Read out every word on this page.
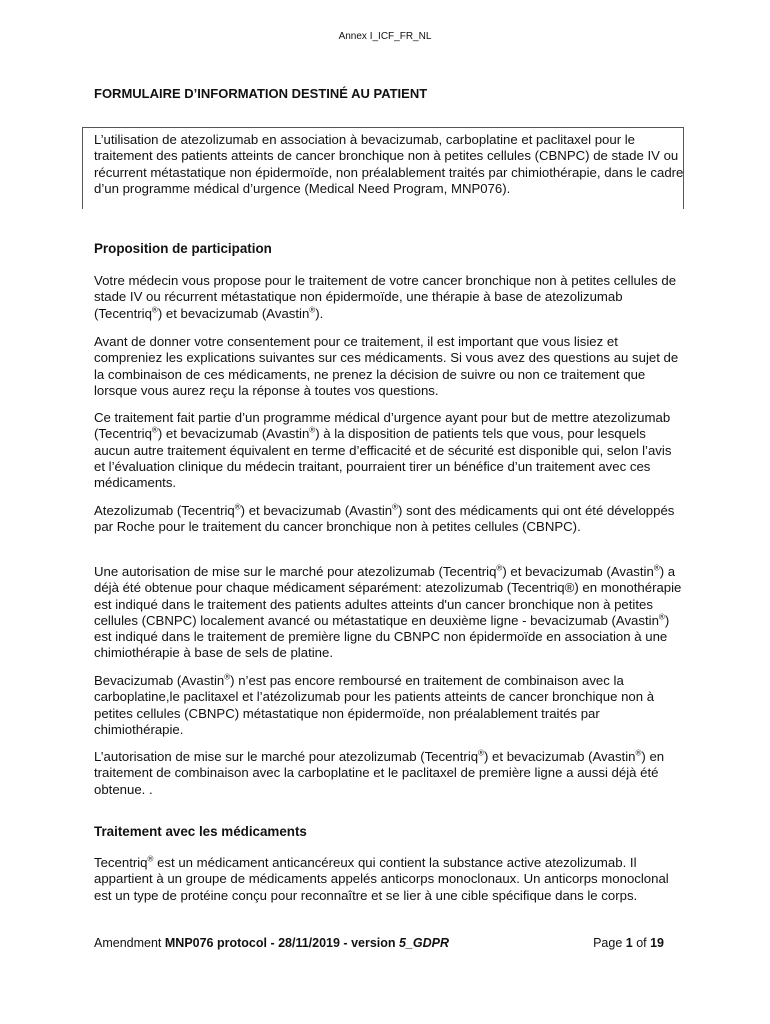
Annex I_ICF_FR_NL
FORMULAIRE D’INFORMATION DESTINÉ AU PATIENT

L’utilisation de atezolizumab en association à bevacizumab, carboplatine et paclitaxel pour le traitement des patients atteints de cancer bronchique non à petites cellules (CBNPC) de stade IV ou récurrent métastatique non épidermoïde, non préalablement traités par chimiothérapie, dans le cadre d’un programme médical d’urgence (Medical Need Program, MNP076).

Proposition de participation

Votre médecin vous propose pour le traitement de votre cancer bronchique non à petites cellules de stade IV ou récurrent métastatique non épidermoïde, une thérapie à base de atezolizumab (Tecentriq®) et bevacizumab (Avastin®).

Avant de donner votre consentement pour ce traitement, il est important que vous lisiez et compreniez les explications suivantes sur ces médicaments. Si vous avez des questions au sujet de la combinaison de ces médicaments, ne prenez la décision de suivre ou non ce traitement que lorsque vous aurez reçu la réponse à toutes vos questions.

Ce traitement fait partie d’un programme médical d’urgence ayant pour but de mettre atezolizumab (Tecentriq®) et bevacizumab (Avastin®) à la disposition de patients tels que vous, pour lesquels aucun autre traitement équivalent en terme d’efficacité et de sécurité est disponible qui, selon l’avis et l’évaluation clinique du médecin traitant, pourraient tirer un bénéfice d’un traitement avec ces médicaments.

Atezolizumab (Tecentriq®) et bevacizumab (Avastin®) sont des médicaments qui ont été développés par Roche pour le traitement du cancer bronchique non à petites cellules (CBNPC).

Une autorisation de mise sur le marché pour atezolizumab (Tecentriq®) et bevacizumab (Avastin®) a déjà été obtenue pour chaque médicament séparément: atezolizumab (Tecentriq®) en monothérapie est indiqué dans le traitement des patients adultes atteints d'un cancer bronchique non à petites cellules (CBNPC) localement avancé ou métastatique en deuxième ligne - bevacizumab (Avastin®) est indiqué dans le traitement de première ligne du CBNPC non épidermoïde en association à une chimiothérapie à base de sels de platine.

Bevacizumab (Avastin®) n’est pas encore remboursé en traitement de combinaison avec la carboplatine,le paclitaxel et l’atézolizumab pour les patients atteints de cancer bronchique non à petites cellules (CBNPC) métastatique non épidermoïde, non préalablement traités par chimiothérapie.

L’autorisation de mise sur le marché pour atezolizumab (Tecentriq®) et bevacizumab (Avastin®) en traitement de combinaison avec la carboplatine et le paclitaxel de première ligne a aussi déjà été obtenue. .

Traitement avec les médicaments

Tecentriq® est un médicament anticancéreux qui contient la substance active atezolizumab. Il appartient à un groupe de médicaments appelés anticorps monoclonaux. Un anticorps monoclonal est un type de protéine conçu pour reconnaître et se lier à une cible spécifique dans le corps.

Amendment MNP076 protocol - 28/11/2019 - version 5_GDPR	Page 1 of 19
